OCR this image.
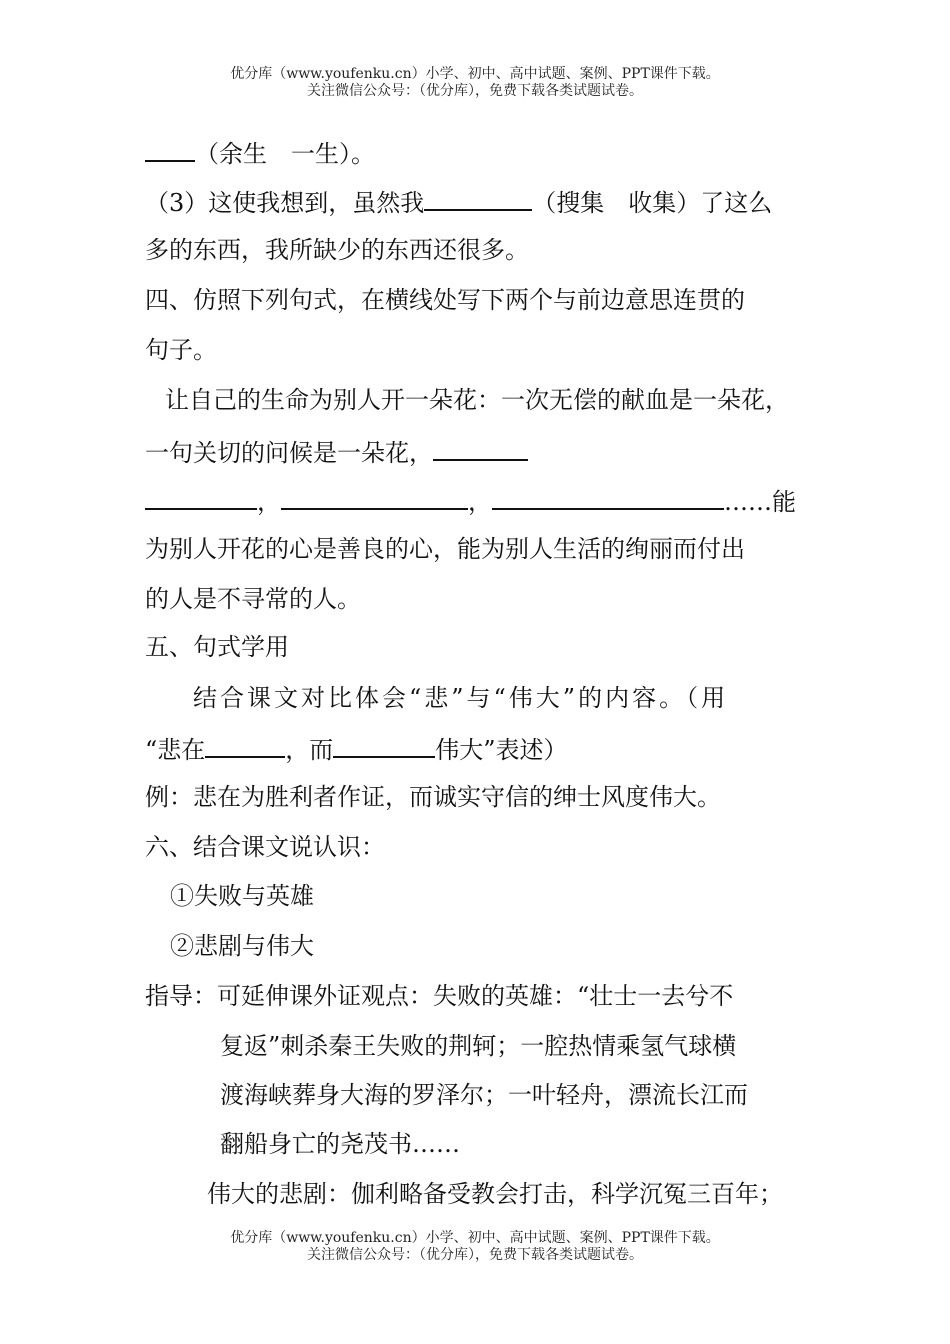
优分库（www.youfenku.cn）小学、初中、高中试题、案例、PPT课件下载。
关注微信公众号：（优分库），免费下载各类试题试卷。
（余生　一生）。
（3）这使我想到，虽然我	（搜集　收集）了这么
多的东西，我所缺少的东西还很多。
四、仿照下列句式，在横线处写下两个与前边意思连贯的
句子。
让自己的生命为别人开一朵花：一次无偿的献血是一朵花，
一句关切的问候是一朵花，
，	，	……能
为别人开花的心是善良的心，能为别人生活的绚丽而付出
的人是不寻常的人。
五、句式学用
结合课文对比体会“悲”与“伟大”的内容。（用
“悲在	，而	伟大”表述）
例：悲在为胜利者作证，而诚实守信的绅士风度伟大。
六、结合课文说认识：
①失败与英雄
②悲剧与伟大
指导：可延伸课外证观点：失败的英雄：“壮士一去兮不
复返”刺杀秦王失败的荆轲；一腔热情乘氢气球横
渡海峡葬身大海的罗泽尔；一叶轻舟，漂流长江而
翻船身亡的尧茂书……
伟大的悲剧：伽利略备受教会打击，科学沉冤三百年；
优分库（www.youfenku.cn）小学、初中、高中试题、案例、PPT课件下载。
关注微信公众号：（优分库），免费下载各类试题试卷。
